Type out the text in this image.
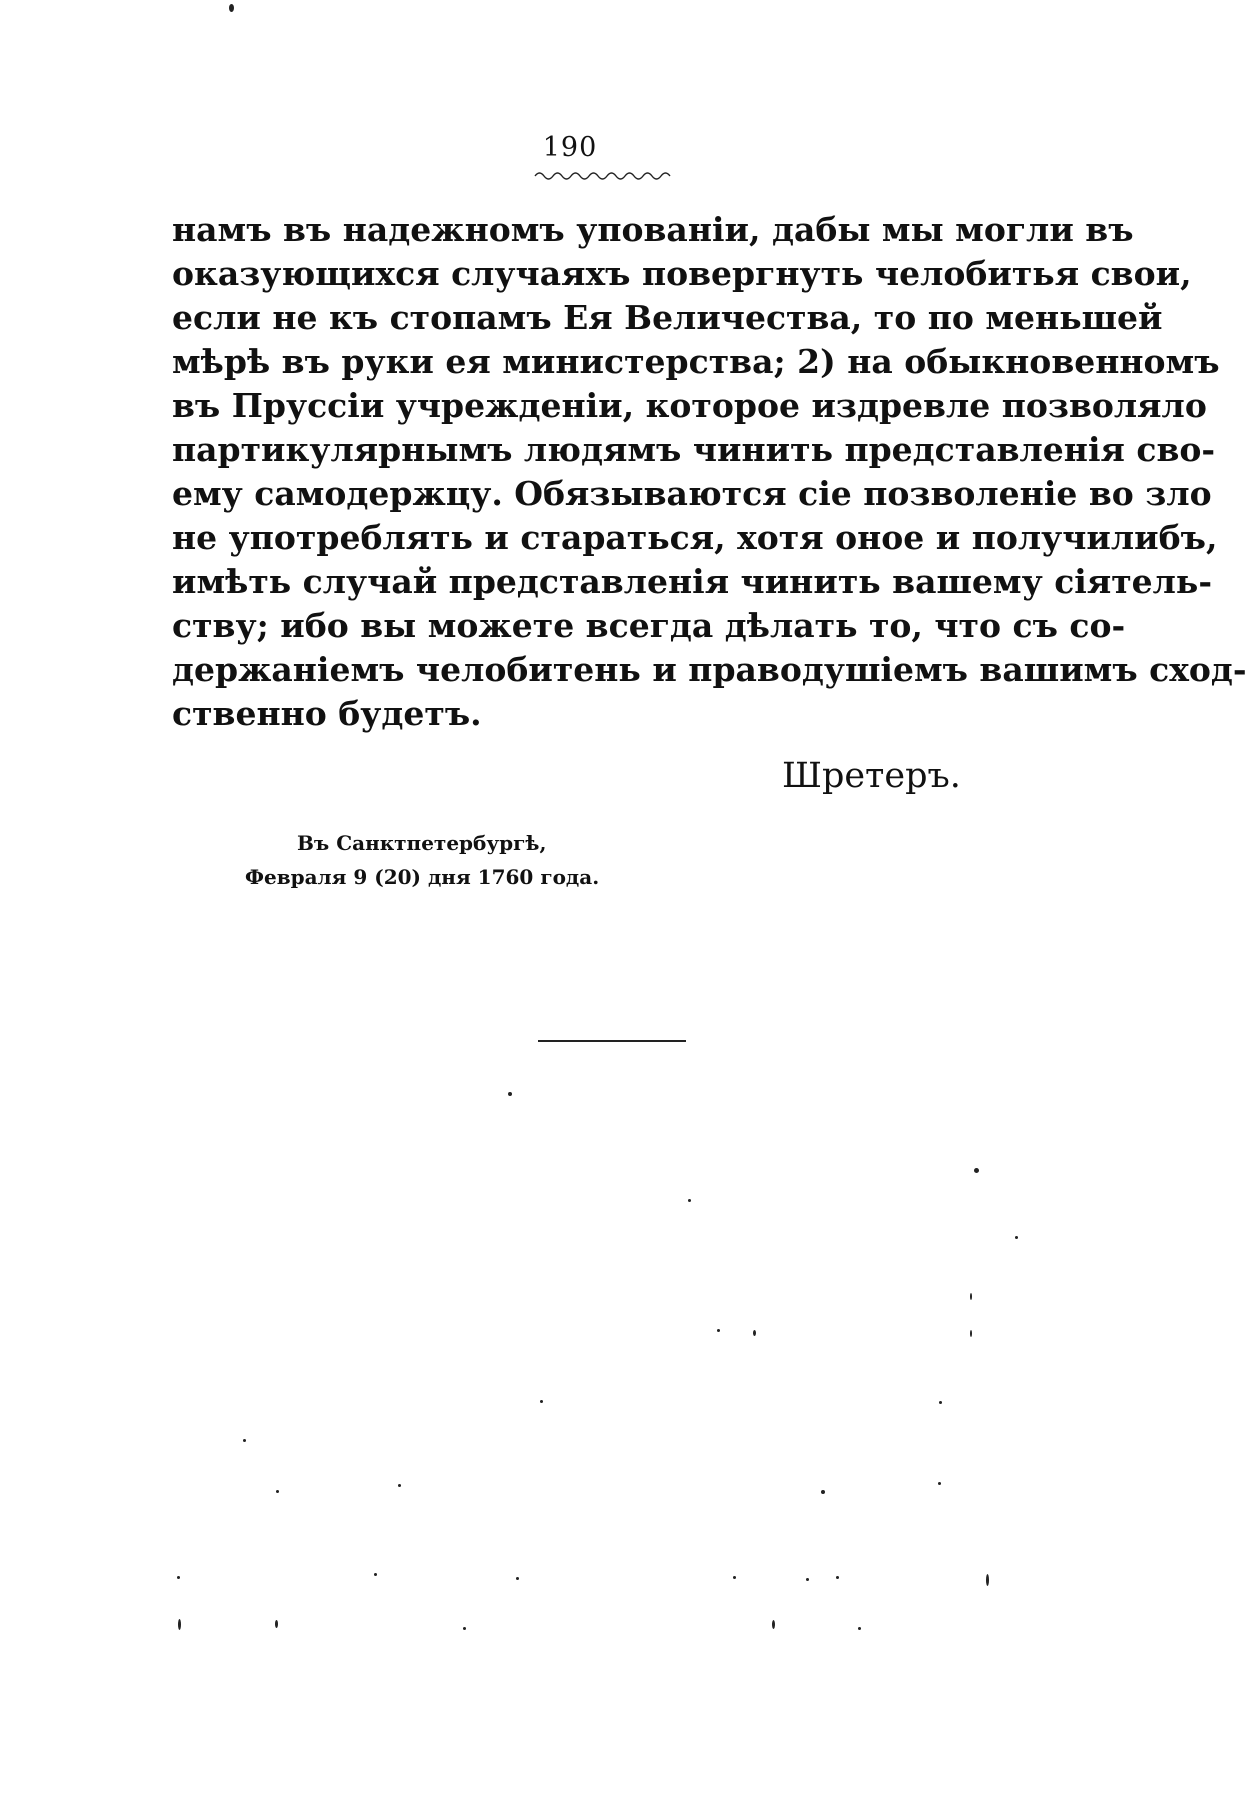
190
намъ въ надежномъ упованіи, дабы мы могли въ
оказующихся случаяхъ повергнуть челобитья свои,
если не къ стопамъ Ея Величества, то по меньшей
мѣрѣ въ руки ея министерства; 2) на обыкновенномъ
въ Пруссіи учрежденіи, которое издревле позволяло
партикулярнымъ людямъ чинить представленія сво-
ему самодержцу. Обязываются сіе позволеніе во зло
не употреблять и стараться, хотя оное и получилибъ,
имѣть случай представленія чинить вашему сіятель-
ству; ибо вы можете всегда дѣлать то, что съ со-
держаніемъ челобитень и праводушіемъ вашимъ сход-
ственно будетъ.
Шретеръ.
Въ Санктпетербургѣ,
Февраля 9 (20) дня 1760 года.
